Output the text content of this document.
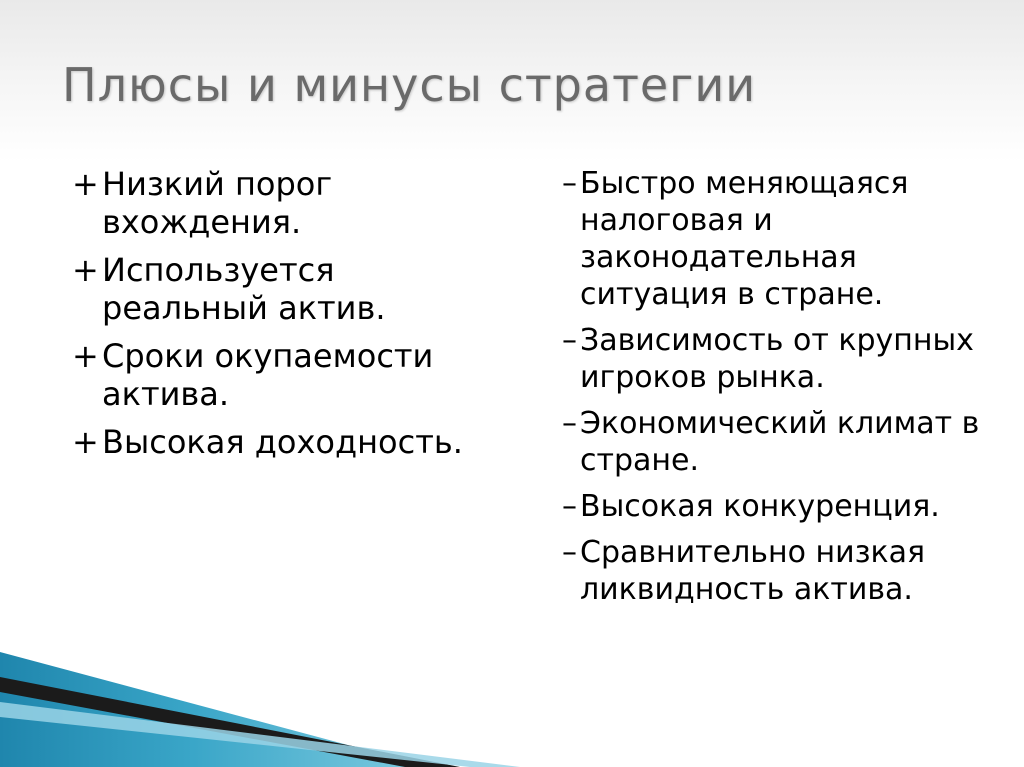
Плюсы и минусы стратегии
+ Низкий порог вхождения.
+ Используется реальный актив.
+ Сроки окупаемости актива.
+ Высокая доходность.
– Быстро меняющаяся налоговая и законодательная ситуация в стране.
– Зависимость от крупных игроков рынка.
– Экономический климат в стране.
– Высокая конкуренция.
– Сравнительно низкая ликвидность актива.
